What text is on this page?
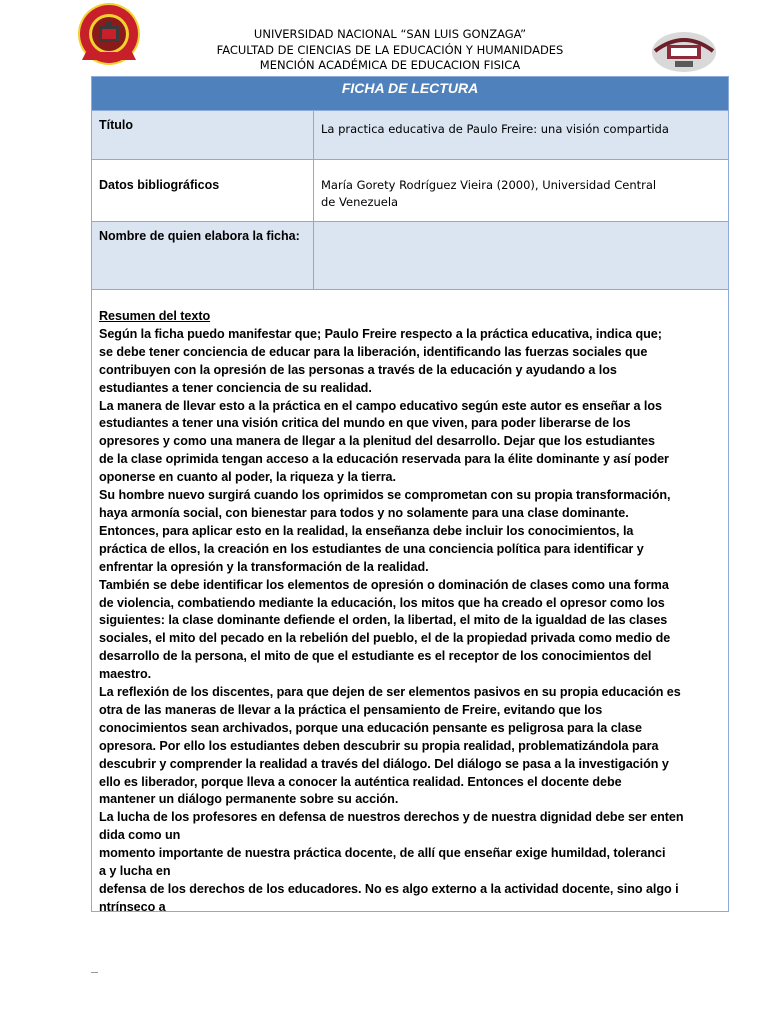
UNIVERSIDAD NACIONAL “SAN LUIS GONZAGA”
FACULTAD DE CIENCIAS DE LA EDUCACIÓN Y HUMANIDADES
MENCIÓN ACADÉMICA DE EDUCACION FISICA
FICHA DE LECTURA
Título	La practica educativa de Paulo Freire: una visión compartida
Datos bibliográficos	María Gorety Rodríguez Vieira (2000), Universidad Central
de Venezuela
Nombre de quien elabora la ficha:

Resumen del texto

Según la ficha puedo manifestar que; Paulo Freire respecto a la práctica educativa, indica que;

se debe tener conciencia de educar para la liberación, identificando las fuerzas sociales que

contribuyen con la opresión de las personas a través de la educación y ayudando a los

estudiantes a tener conciencia de su realidad.

La manera de llevar esto a la práctica en el campo educativo según este autor es enseñar a los

estudiantes a tener una visión critica del mundo en que viven, para poder liberarse de los

opresores y como una manera de llegar a la plenitud del desarrollo. Dejar que los estudiantes

de la clase oprimida tengan acceso a la educación reservada para la élite dominante y así poder

oponerse en cuanto al poder, la riqueza y la tierra.

Su hombre nuevo surgirá cuando los oprimidos se comprometan con su propia transformación,

haya armonía social, con bienestar para todos y no solamente para una clase dominante.

Entonces, para aplicar esto en la realidad, la enseñanza debe incluir los conocimientos, la

práctica de ellos, la creación en los estudiantes de una conciencia política para identificar y

enfrentar la opresión y la transformación de la realidad.

También se debe identificar los elementos de opresión o dominación de clases como una forma

de violencia, combatiendo mediante la educación, los mitos que ha creado el opresor como los

siguientes: la clase dominante defiende el orden, la libertad, el mito de la igualdad de las clases

sociales, el mito del pecado en la rebelión del pueblo, el de la propiedad privada como medio de

desarrollo de la persona, el mito de que el estudiante es el receptor de los conocimientos del

maestro.

La reflexión de los discentes, para que dejen de ser elementos pasivos en su propia educación es

otra de las maneras de llevar a la práctica el pensamiento de Freire, evitando que los

conocimientos sean archivados, porque una educación pensante es peligrosa para la clase

opresora. Por ello los estudiantes deben descubrir su propia realidad, problematizándola para

descubrir y comprender la realidad a través del diálogo. Del diálogo se pasa a la investigación y

ello es liberador, porque lleva a conocer la auténtica realidad. Entonces el docente debe

mantener un diálogo permanente sobre su acción.

La lucha de los profesores en defensa de nuestros derechos y de nuestra dignidad debe ser enten

dida como un

momento importante de nuestra práctica docente, de allí que enseñar exige humildad, toleranci

a y lucha en

defensa de los derechos de los educadores. No es algo externo a la actividad docente, sino algo i

ntrínseco a
